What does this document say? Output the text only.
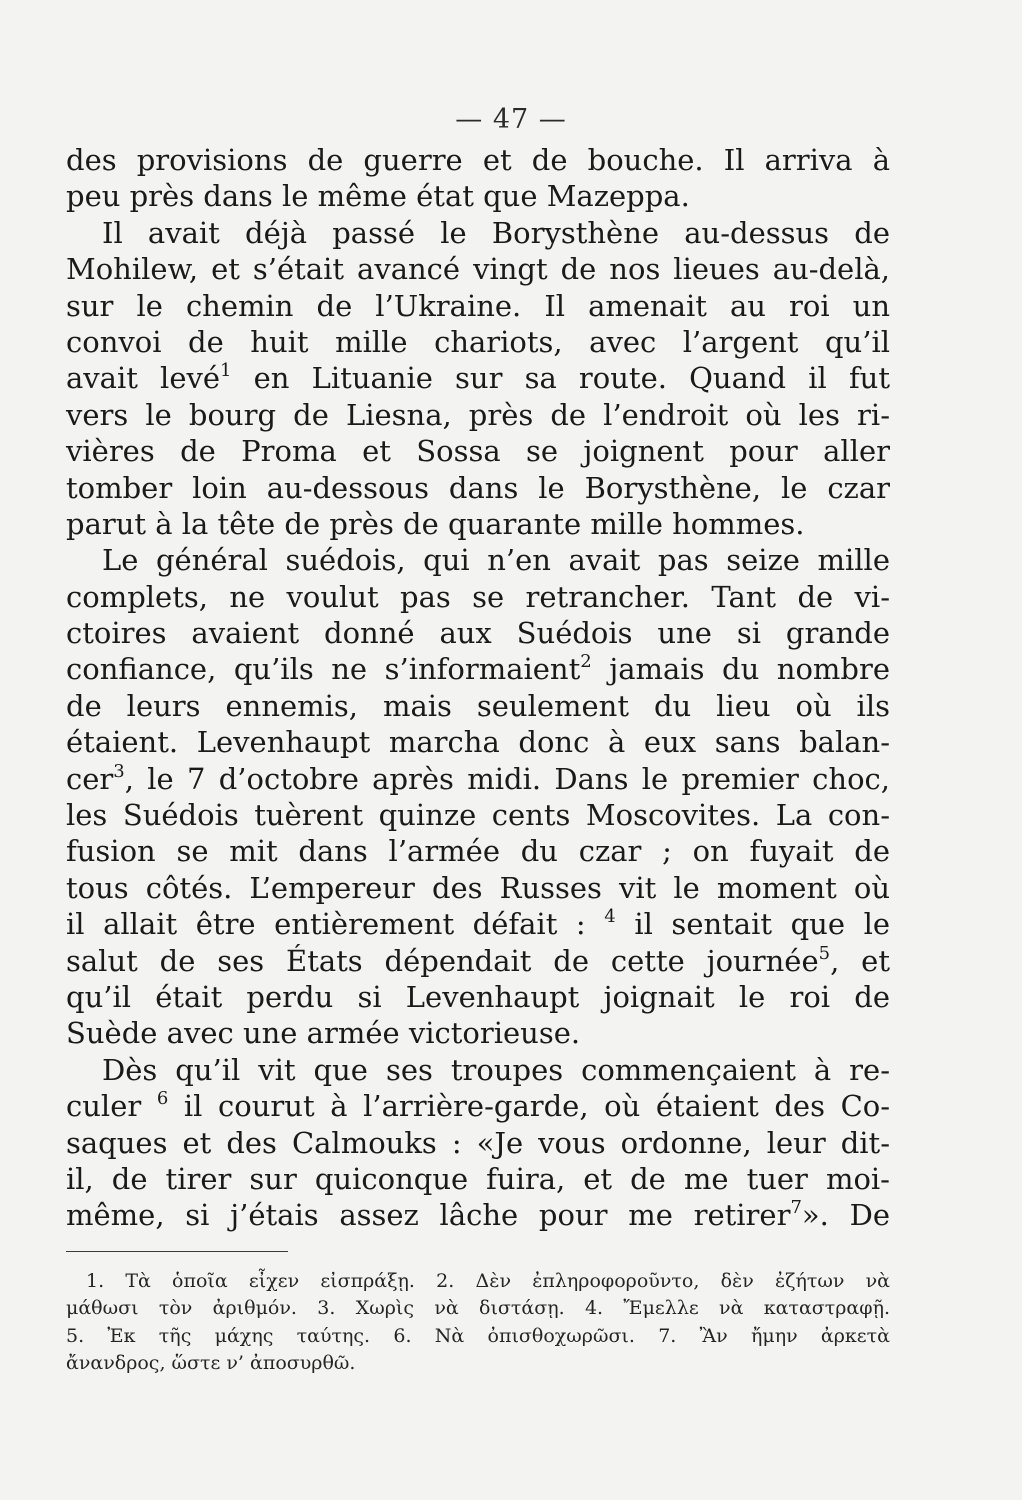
— 47 —
des provisions de guerre et de bouche. Il arriva à
peu près dans le même état que Mazeppa.
Il avait déjà passé le Borysthène au-dessus de
Mohilew, et s’était avancé vingt de nos lieues au-delà,
sur le chemin de l’Ukraine. Il amenait au roi un
convoi de huit mille chariots, avec l’argent qu’il
avait levé$^1$ en Lituanie sur sa route. Quand il fut
vers le bourg de Liesna, près de l’endroit où les ri-
vières de Proma et Sossa se joignent pour aller
tomber loin au-dessous dans le Borysthène, le czar
parut à la tête de près de quarante mille hommes.
Le général suédois, qui n’en avait pas seize mille
complets, ne voulut pas se retrancher. Tant de vi-
ctoires avaient donné aux Suédois une si grande
confiance, qu’ils ne s’informaient$^2$ jamais du nombre
de leurs ennemis, mais seulement du lieu où ils
étaient. Levenhaupt marcha donc à eux sans balan-
cer$^3$, le 7 d’octobre après midi. Dans le premier choc,
les Suédois tuèrent quinze cents Moscovites. La con-
fusion se mit dans l’armée du czar ; on fuyait de
tous côtés. L’empereur des Russes vit le moment où
il allait être entièrement défait : $^4$ il sentait que le
salut de ses États dépendait de cette journée$^5$, et
qu’il était perdu si Levenhaupt joignait le roi de
Suède avec une armée victorieuse.
Dès qu’il vit que ses troupes commençaient à re-
culer $^6$ il courut à l’arrière-garde, où étaient des Co-
saques et des Calmouks : «Je vous ordonne, leur dit-
il, de tirer sur quiconque fuira, et de me tuer moi-
même, si j’étais assez lâche pour me retirer$^7$». De
1. Τὰ ὁποῖα εἶχεν εἰσπράξῃ. 2. Δὲν ἐπληροφοροῦντο, δὲν ἐζήτων νὰ
μάθωσι τὸν ἀριθμόν. 3. Χωρὶς νὰ διστάσῃ. 4. Ἔμελλε νὰ καταστραφῇ.
5. Ἐκ τῆς μάχης ταύτης. 6. Νὰ ὀπισθοχωρῶσι. 7. Ἂν ἤμην ἀρκετὰ
ἄνανδρος, ὥστε ν’ ἀποσυρθῶ.
